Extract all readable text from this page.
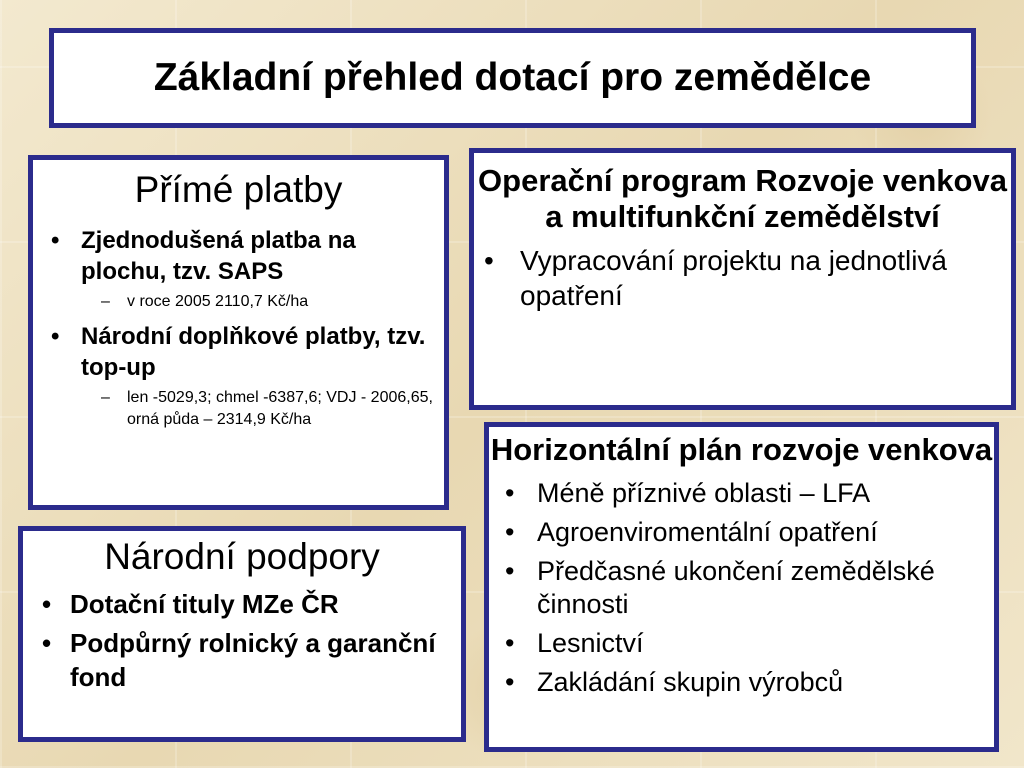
Základní přehled dotací pro zemědělce
Přímé platby
• Zjednodušená platba na plochu, tzv. SAPS
– v roce 2005 2110,7 Kč/ha
• Národní doplňkové platby, tzv. top-up
– len -5029,3; chmel -6387,6; VDJ - 2006,65, orná půda – 2314,9 Kč/ha
Operační program Rozvoje venkova a multifunkční zemědělství
• Vypracování projektu na jednotlivá opatření
Národní podpory
• Dotační tituly MZe ČR
• Podpůrný rolnický a garanční fond
Horizontální plán rozvoje venkova
• Méně příznivé oblasti – LFA
• Agroenviromentální opatření
• Předčasné ukončení zemědělské činnosti
• Lesnictví
• Zakládání skupin výrobců
